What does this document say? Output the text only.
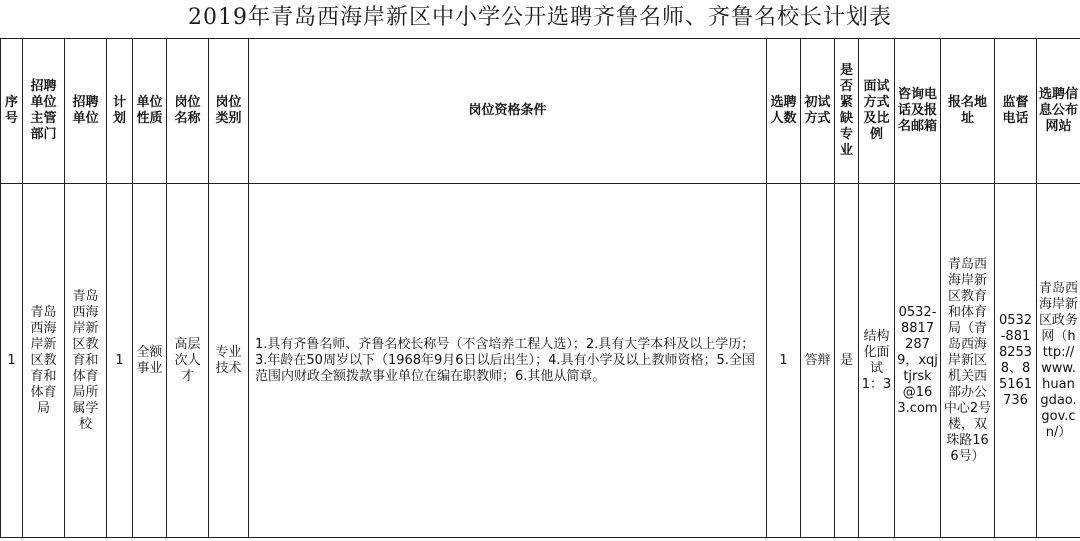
2019年青岛西海岸新区中小学公开选聘齐鲁名师、齐鲁名校长计划表
序号	招聘单位主管部门	招聘单位	计划	单位性质	岗位名称	岗位类别	岗位资格条件	选聘人数	初试方式	是否紧缺专业	面试方式及比例	咨询电话及报名邮箱	报名地址	监督电话	选聘信息公布网站
1	青岛西海岸新区教育和体育局	青岛西海岸新区教育和体育局所属学校	1	全额事业	高层次人才	专业技术	1.具有齐鲁名师、齐鲁名校长称号（不含培养工程人选）；2.具有大学本科及以上学历；3.年龄在50周岁以下（1968年9月6日以后出生）；4.具有小学及以上教师资格；5.全国范围内财政全额拨款事业单位在编在职教师；6.其他从简章。	1	答辩	是	结构化面试1：3	0532-88172879，xqjtjrsk@163.com	青岛西海岸新区教育和体育局（青岛西海岸新区机关西部办公中心2号楼，双珠路166号）	0532-88182538、85161736	青岛西海岸新区政务网（http://www.huangdao.gov.cn/）
